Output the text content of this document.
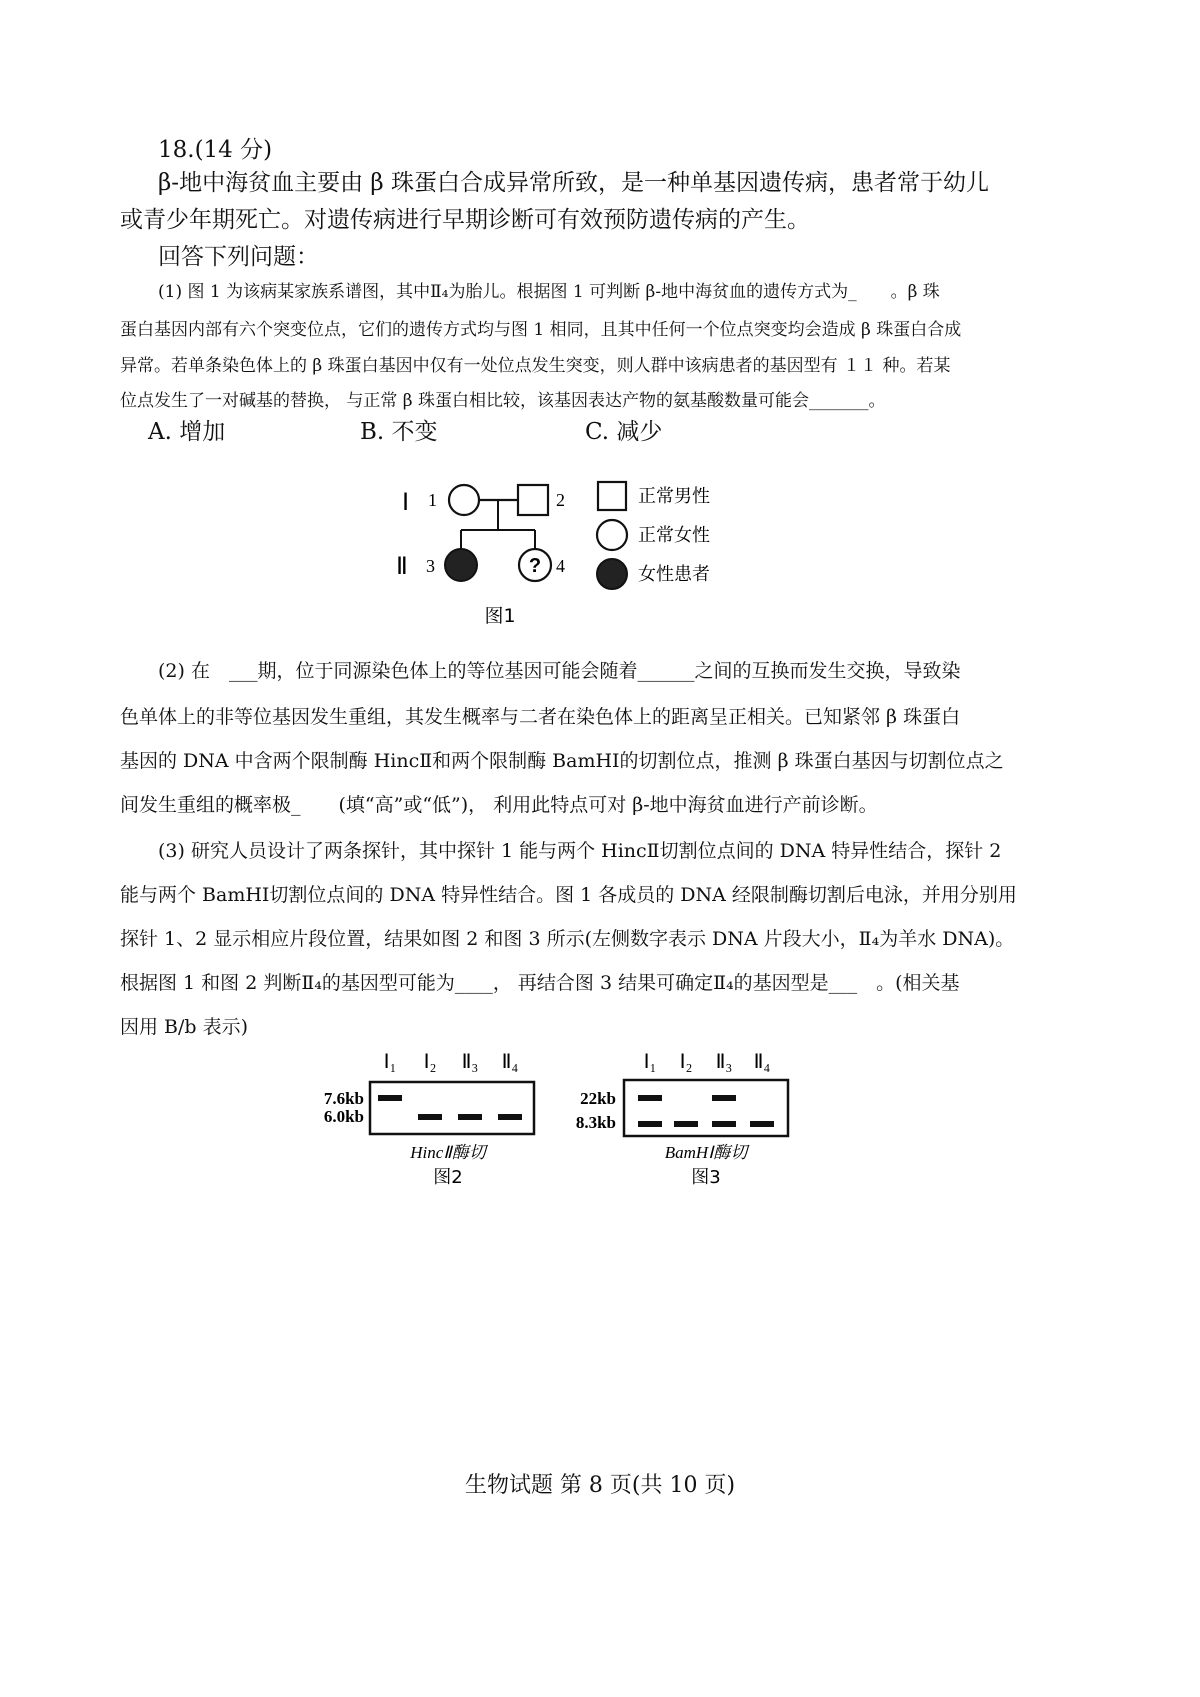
18.(14 分)
β-地中海贫血主要由 β 珠蛋白合成异常所致，是一种单基因遗传病，患者常于幼儿
或青少年期死亡。对遗传病进行早期诊断可有效预防遗传病的产生。
回答下列问题：
(1) 图 1 为该病某家族系谱图，其中Ⅱ₄为胎儿。根据图 1 可判断 β-地中海贫血的遗传方式为_　　。β 珠
蛋白基因内部有六个突变位点，它们的遗传方式均与图 1 相同，且其中任何一个位点突变均会造成 β 珠蛋白合成
异常。若单条染色体上的 β 珠蛋白基因中仅有一处位点发生突变，则人群中该病患者的基因型有 １１ 种。若某
位点发生了一对碱基的替换， 与正常 β 珠蛋白相比较，该基因表达产物的氨基酸数量可能会_______。
A. 增加	B. 不变	C. 减少
Ⅰ 1	2
Ⅱ 3	? 4
正常男性
正常女性
女性患者
图1
(2) 在　___期，位于同源染色体上的等位基因可能会随着______之间的互换而发生交换，导致染
色单体上的非等位基因发生重组，其发生概率与二者在染色体上的距离呈正相关。已知紧邻 β 珠蛋白
基因的 DNA 中含两个限制酶 HincⅡ和两个限制酶 BamHⅠ的切割位点，推测 β 珠蛋白基因与切割位点之
间发生重组的概率极_　　(填“高”或“低”)， 利用此特点可对 β-地中海贫血进行产前诊断。
(3) 研究人员设计了两条探针，其中探针 1 能与两个 HincⅡ切割位点间的 DNA 特异性结合，探针 2
能与两个 BamHⅠ切割位点间的 DNA 特异性结合。图 1 各成员的 DNA 经限制酶切割后电泳，并用分别用
探针 1、2 显示相应片段位置，结果如图 2 和图 3 所示(左侧数字表示 DNA 片段大小，Ⅱ₄为羊水 DNA)。
根据图 1 和图 2 判断Ⅱ₄的基因型可能为____， 再结合图 3 结果可确定Ⅱ₄的基因型是___　。(相关基
因用 B/b 表示)
Ⅰ₁ Ⅰ₂ Ⅱ₃ Ⅱ₄
7.6kb
6.0kb
HincⅡ酶切
图2
Ⅰ₁ Ⅰ₂ Ⅱ₃ Ⅱ₄
22kb
8.3kb
BamHⅠ酶切
图3
生物试题 第 8 页(共 10 页)
